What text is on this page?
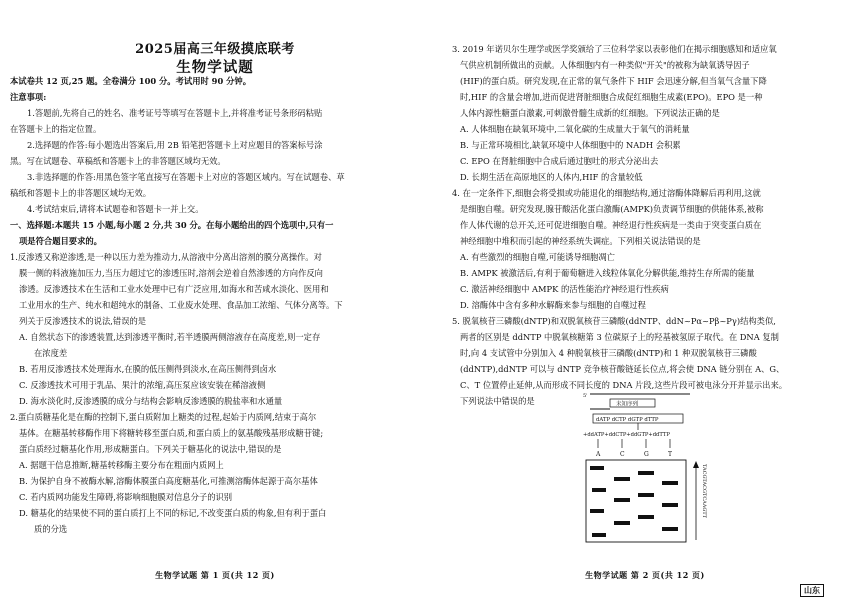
2025届高三年级摸底联考
生物学试题
本试卷共 12 页,25 题。全卷满分 100 分。考试用时 90 分钟。
注意事项:
1.答题前,先将自己的姓名、准考证号等填写在答题卡上,并将准考证号条形码粘贴
在答题卡上的指定位置。
2.选择题的作答:每小题选出答案后,用 2B 铅笔把答题卡上对应题目的答案标号涂
黑。写在试题卷、草稿纸和答题卡上的非答题区域均无效。
3.非选择题的作答:用黑色签字笔直接写在答题卡上对应的答题区域内。写在试题卷、草
稿纸和答题卡上的非答题区域均无效。
4.考试结束后,请将本试题卷和答题卡一并上交。
一、选择题:本题共 15 小题,每小题 2 分,共 30 分。在每小题给出的四个选项中,只有一
项是符合题目要求的。
1.反渗透又称逆渗透,是一种以压力差为推动力,从溶液中分离出溶剂的膜分离操作。对
膜一侧的料液施加压力,当压力超过它的渗透压时,溶剂会逆着自然渗透的方向作反向
渗透。反渗透技术在生活和工业水处理中已有广泛应用,如海水和苦咸水淡化、医用和
工业用水的生产、纯水和超纯水的制备、工业废水处理、食品加工浓缩、气体分离等。下
列关于反渗透技术的说法,错误的是
A. 自然状态下的渗透装置,达到渗透平衡时,若半透膜两侧溶液存在高度差,则一定存
在浓度差
B. 若用反渗透技术处理海水,在膜的低压侧得到淡水,在高压侧得到卤水
C. 反渗透技术可用于乳品、果汁的浓缩,高压泵应该安装在稀溶液侧
D. 海水淡化时,反渗透膜的成分与结构会影响反渗透膜的脱盐率和水通量
2.蛋白质糖基化是在酶的控制下,蛋白质附加上糖类的过程,起始于内质网,结束于高尔
基体。在糖基转移酶作用下将糖转移至蛋白质,和蛋白质上的氨基酸残基形成糖苷键;
蛋白质经过糖基化作用,形成糖蛋白。下列关于糖基化的说法中,错误的是
A. 据题干信息推断,糖基转移酶主要分布在粗面内质网上
B. 为保护自身不被酶水解,溶酶体膜蛋白高度糖基化,可推测溶酶体起源于高尔基体
C. 若内质网功能发生障碍,将影响细胞膜对信息分子的识别
D. 糖基化的结果使不同的蛋白质打上不同的标记,不改变蛋白质的构象,但有利于蛋白
质的分选
生物学试题 第 1 页(共 12 页)
3. 2019 年诺贝尔生理学或医学奖颁给了三位科学家以表彰他们在揭示细胞感知和适应氧
气供应机制所做出的贡献。人体细胞内有一种类似"开关"的被称为缺氧诱导因子
(HIF)的蛋白质。研究发现,在正常的氧气条件下 HIF 会迅速分解,但当氧气含量下降
时,HIF 的含量会增加,进而促进肾脏细胞合成促红细胞生成素(EPO)。EPO 是一种
人体内源性糖蛋白激素,可刺激骨髓生成新的红细胞。下列说法正确的是
A. 人体细胞在缺氧环境中,二氧化碳的生成量大于氧气的消耗量
B. 与正常环境相比,缺氧环境中人体细胞中的 NADH 会积累
C. EPO 在肾脏细胞中合成后通过胞吐的形式分泌出去
D. 长期生活在高原地区的人体内,HIF 的含量较低
4. 在一定条件下,细胞会将受损或功能退化的细胞结构,通过溶酶体降解后再利用,这就
是细胞自噬。研究发现,腺苷酸活化蛋白激酶(AMPK)负责调节细胞的供能体系,被称
作人体代谢的总开关,还可促进细胞自噬。神经退行性疾病是一类由于突变蛋白质在
神经细胞中堆积而引起的神经系统失调症。下列相关说法错误的是
A. 有些激烈的细胞自噬,可能诱导细胞凋亡
B. AMPK 被激活后,有利于葡萄糖进入线粒体氧化分解供能,维持生存所需的能量
C. 激活神经细胞中 AMPK 的活性能治疗神经退行性疾病
D. 溶酶体中含有多种水解酶来参与细胞的自噬过程
5. 脱氧核苷三磷酸(dNTP)和双脱氧核苷三磷酸(ddNTP、ddN~Pα~Pβ~Pγ)结构类似,
两者的区别是 ddNTP 中脱氧核糖第 3 位碳原子上的羟基被氢原子取代。在 DNA 复制
时,向 4 支试管中分别加入 4 种脱氧核苷三磷酸(dNTP)和 1 种双脱氧核苷三磷酸
(ddNTP),ddNTP 可以与 dNTP 竞争核苷酸链延长位点,将会使 DNA 链分别在 A、G、
C、T 位置停止延伸,从而形成不同长度的 DNA 片段,这些片段可被电泳分开并显示出来。
下列说法中错误的是
生物学试题 第 2 页(共 12 页)
山东
5'
未知序列
dATP dCTP dGTP dTTP
+ddATP+ddCTP+ddGTP+ddTTP
A	C	G	T
TACGTACGTCAAGTT
